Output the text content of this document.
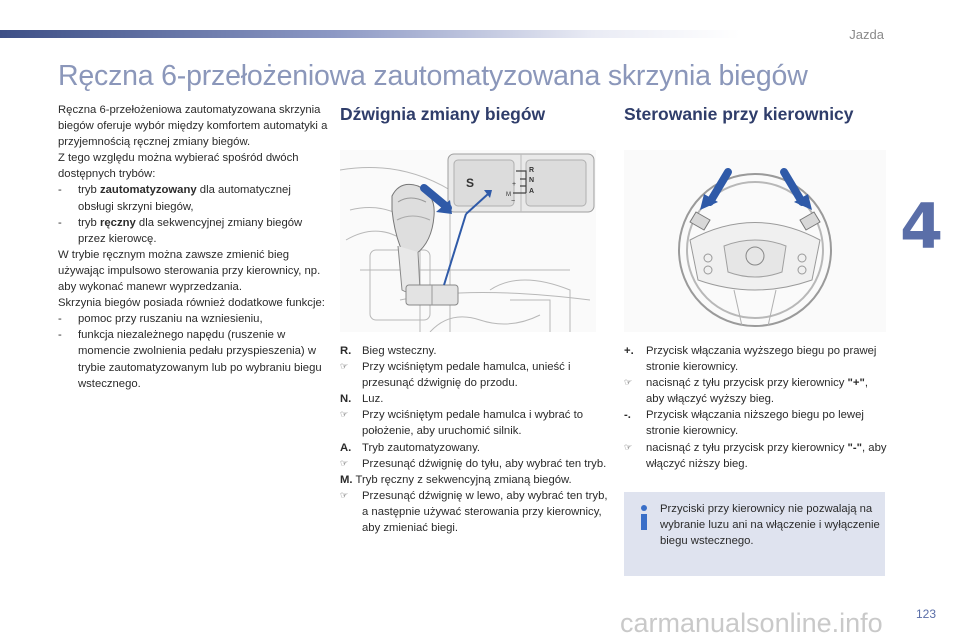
Jazda
4
Ręczna 6-przełożeniowa zautomatyzowana skrzynia biegów
Dźwignia zmiany biegów	Sterowanie przy kierownicy

Ręczna 6-przełożeniowa zautomatyzowana skrzynia biegów oferuje wybór między komfortem automatyki a przyjemnością ręcznej zmiany biegów.

Z tego względu można wybierać spośród dwóch dostępnych trybów:

- tryb zautomatyzowany dla automatycznej obsługi skrzyni biegów,
- tryb ręczny dla sekwencyjnej zmiany biegów przez kierowcę.

W trybie ręcznym można zawsze zmienić bieg używając impulsowo sterowania przy kierownicy, np. aby wykonać manewr wyprzedzania.

Skrzynia biegów posiada również dodatkowe funkcje:

- pomoc przy ruszaniu na wzniesieniu,
- funkcja niezależnego napędu (ruszenie w momencie zwolnienia pedału przyspieszenia) w trybie zautomatyzowanym lub po wybraniu biegu wstecznego.
S
R
N
A
M
+
−
R. Bieg wsteczny.
☞ Przy wciśniętym pedale hamulca, unieść i przesunąć dźwignię do przodu.
N. Luz.
☞ Przy wciśniętym pedale hamulca i wybrać to położenie, aby uruchomić silnik.
A. Tryb zautomatyzowany.
☞ Przesunąć dźwignię do tyłu, aby wybrać ten tryb.
M. Tryb ręczny z sekwencyjną zmianą biegów.
☞ Przesunąć dźwignię w lewo, aby wybrać ten tryb, a następnie używać sterowania przy kierownicy, aby zmieniać biegi.
+. Przycisk włączania wyższego biegu po prawej stronie kierownicy.
☞ nacisnąć z tyłu przycisk przy kierownicy "+", aby włączyć wyższy bieg.
-. Przycisk włączania niższego biegu po lewej stronie kierownicy.
☞ nacisnąć z tyłu przycisk przy kierownicy "-", aby włączyć niższy bieg.
Przyciski przy kierownicy nie pozwalają na wybranie luzu ani na włączenie i wyłączenie biegu wstecznego.
carmanualsonline.info	123
